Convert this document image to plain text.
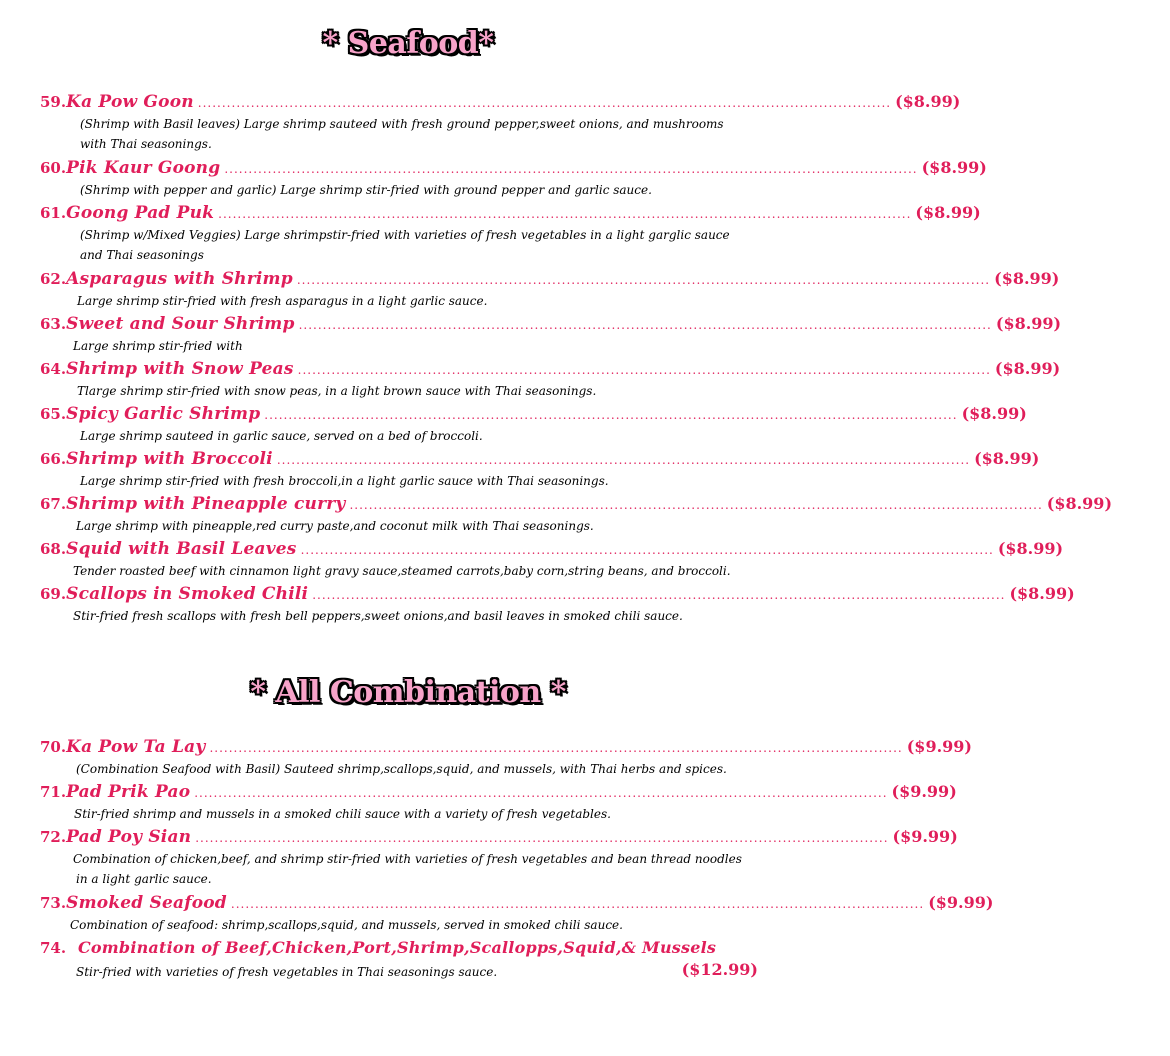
* Seafood*
59. Ka Pow Goon ................................................................................................................................................ ($8.99)
(Shrimp with Basil leaves) Large shrimp sauteed with fresh ground pepper,sweet onions, and mushrooms
with Thai seasonings.
60. Pik Kaur Goong ................................................................................................................................................ ($8.99)
(Shrimp with pepper and garlic) Large shrimp stir-fried with ground pepper and garlic sauce.
61. Goong Pad Puk ................................................................................................................................................ ($8.99)
(Shrimp w/Mixed Veggies) Large shrimpstir-fried with varieties of fresh vegetables in a light garglic sauce
and Thai seasonings
62. Asparagus with Shrimp ................................................................................................................................................ ($8.99)
Large shrimp stir-fried with fresh asparagus in a light garlic sauce.
63. Sweet and Sour Shrimp ................................................................................................................................................ ($8.99)
Large shrimp stir-fried with
64. Shrimp with Snow Peas ................................................................................................................................................ ($8.99)
Tlarge shrimp stir-fried with snow peas, in a light brown sauce with Thai seasonings.
65. Spicy Garlic Shrimp ................................................................................................................................................ ($8.99)
Large shrimp sauteed in garlic sauce, served on a bed of broccoli.
66. Shrimp with Broccoli ................................................................................................................................................ ($8.99)
Large shrimp stir-fried with fresh broccoli,in a light garlic sauce with Thai seasonings.
67. Shrimp with Pineapple curry ................................................................................................................................................ ($8.99)
Large shrimp with pineapple,red curry paste,and coconut milk with Thai seasonings.
68. Squid with Basil Leaves ................................................................................................................................................ ($8.99)
Tender roasted beef with cinnamon light gravy sauce,steamed carrots,baby corn,string beans, and broccoli.
69. Scallops in Smoked Chili ................................................................................................................................................ ($8.99)
Stir-fried fresh scallops with fresh bell peppers,sweet onions,and basil leaves in smoked chili sauce.
* All Combination *
70. Ka Pow Ta Lay ................................................................................................................................................ ($9.99)
(Combination Seafood with Basil) Sauteed shrimp,scallops,squid, and mussels, with Thai herbs and spices.
71. Pad Prik Pao ................................................................................................................................................ ($9.99)
Stir-fried shrimp and mussels in a smoked chili sauce with a variety of fresh vegetables.
72. Pad Poy Sian ................................................................................................................................................ ($9.99)
Combination of chicken,beef, and shrimp stir-fried with varieties of fresh vegetables and bean thread noodles
in a light garlic sauce.
73. Smoked Seafood ................................................................................................................................................ ($9.99)
Combination of seafood: shrimp,scallops,squid, and mussels, served in smoked chili sauce.
74. Combination of Beef,Chicken,Port,Shrimp,Scallopps,Squid,& Mussels
Stir-fried with varieties of fresh vegetables in Thai seasonings sauce.	($12.99)
